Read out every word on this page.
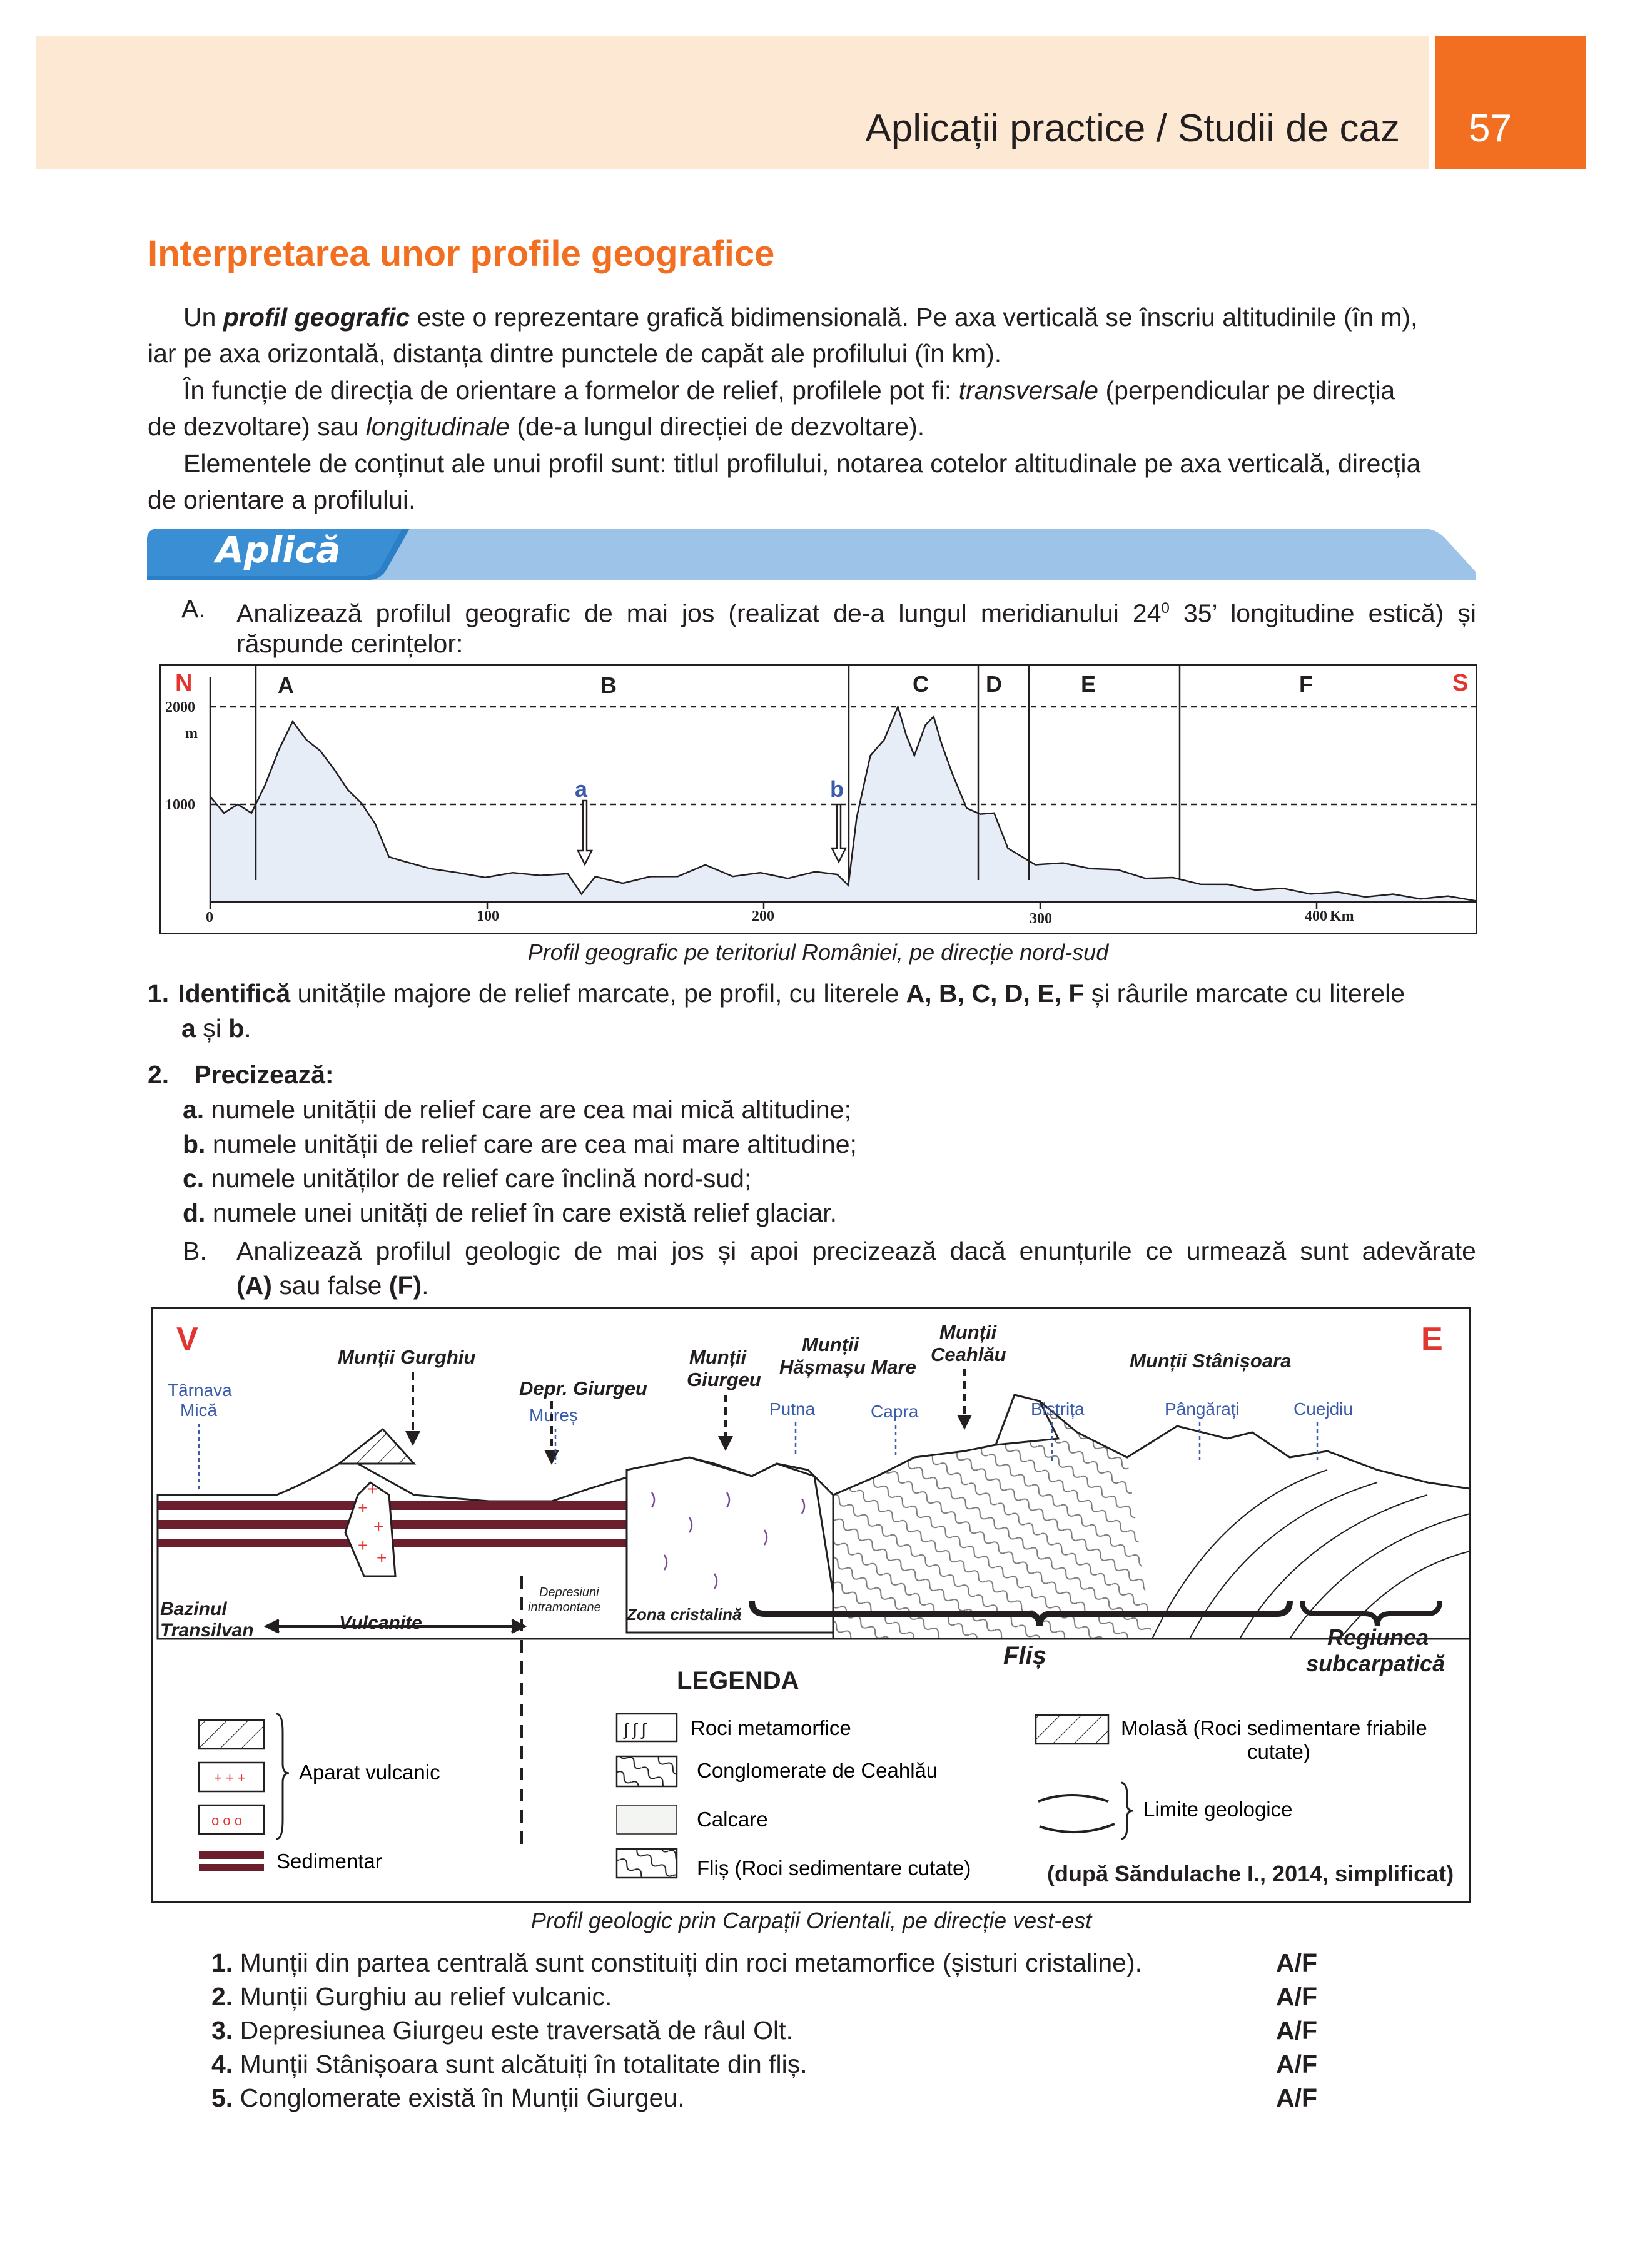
Aplicații practice / Studii de caz 57
Interpretarea unor profile geografice
Un profil geografic este o reprezentare grafică bidimensională. Pe axa verticală se înscriu altitudinile (în m),
iar pe axa orizontală, distanța dintre punctele de capăt ale profilului (în km).
În funcție de direcția de orientare a formelor de relief, profilele pot fi: transversale (perpendicular pe direcția
de dezvoltare) sau longitudinale (de-a lungul direcției de dezvoltare).
Elementele de conținut ale unui profil sunt: titlul profilului, notarea cotelor altitudinale pe axa verticală, direcția
de orientare a profilului.
Aplică
A. Analizează profilul geografic de mai jos (realizat de-a lungul meridianului $24^0$ 35’ longitudine estică) și
răspunde cerințelor:
N	S
A	B	C	D	E	F
a	b
2000
m
1000
0	100	200	300	400 Km
Profil geografic pe teritoriul României, pe direcție nord-sud
1. Identifică unitățile majore de relief marcate, pe profil, cu literele A, B, C, D, E, F și râurile marcate cu literele
a și b.
2. Precizează:
a. numele unității de relief care are cea mai mică altitudine;
b. numele unității de relief care are cea mai mare altitudine;
c. numele unităților de relief care înclină nord-sud;
d. numele unei unități de relief în care există relief glaciar.
B. Analizează profilul geologic de mai jos și apoi precizează dacă enunțurile ce urmează sunt adevărate
(A) sau false (F).
V	E
+
+
+
+
+
Munții Gurghiu
Depr. Giurgeu
Munții
Giurgeu
Munții
Hășmașu Mare
Munții
Ceahlău	Munții Stânișoara
Târnava
Mică	Mureș	Putna	Capra	Bistrița	Pângărați	Cuejdiu
Bazinul
Transilvan	Vulcanite	Zona cristalină
Fliș
Regiunea
subcarpatică
Depresiuni
intramontane
LEGENDA
+ + +
o o o
Aparat vulcanic
Sedimentar
ʃ ʃ ʃ Roci metamorfice
Conglomerate de Ceahlău
Calcare
Fliș (Roci sedimentare cutate)
Molasă (Roci sedimentare friabile
cutate)
Limite geologice
(după Săndulache I., 2014, simplificat)
Profil geologic prin Carpații Orientali, pe direcție vest-est
1. Munții din partea centrală sunt constituiți din roci metamorfice (șisturi cristaline).	A/F
2. Munții Gurghiu au relief vulcanic.	A/F
3. Depresiunea Giurgeu este traversată de râul Olt.	A/F
4. Munții Stânișoara sunt alcătuiți în totalitate din fliș.	A/F
5. Conglomerate există în Munții Giurgeu.	A/F
